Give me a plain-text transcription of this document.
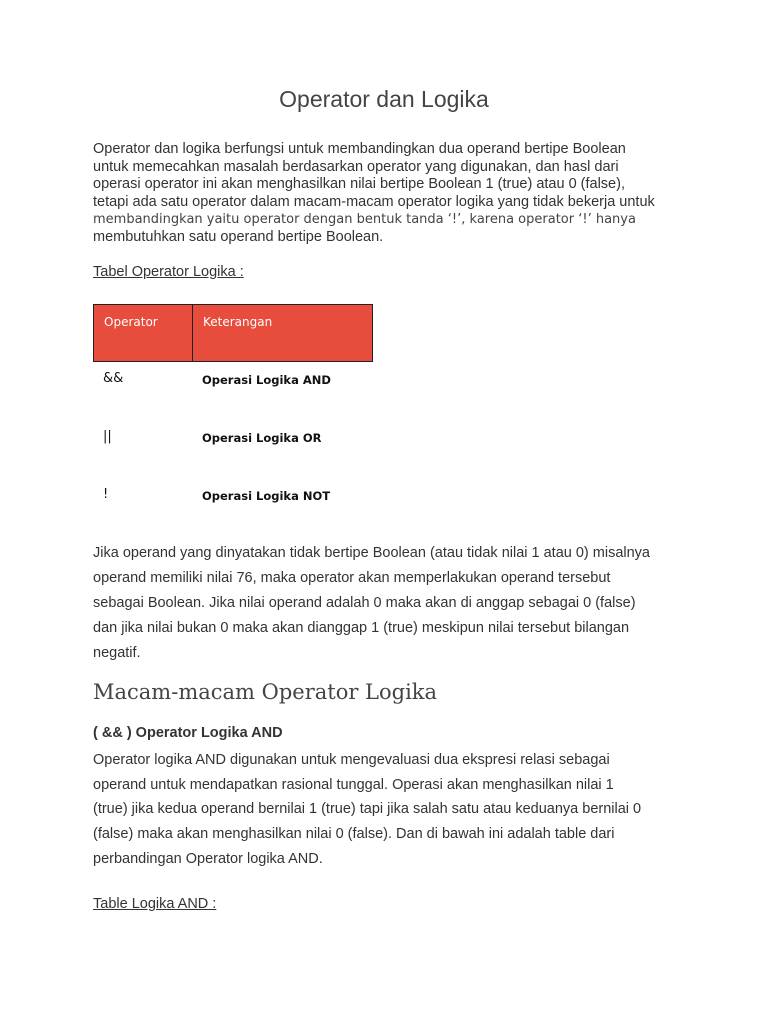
Operator dan Logika
Operator dan logika berfungsi untuk membandingkan dua operand bertipe Boolean
untuk memecahkan masalah berdasarkan operator yang digunakan, dan hasl dari
operasi operator ini akan menghasilkan nilai bertipe Boolean 1 (true) atau 0 (false),
tetapi ada satu operator dalam macam-macam operator logika yang tidak bekerja untuk
membandingkan yaitu operator dengan bentuk tanda ‘!’, karena operator ‘!’ hanya
membutuhkan satu operand bertipe Boolean.
Tabel Operator Logika :
Operator	Keterangan
&&	Operasi Logika AND
||	Operasi Logika OR
!	Operasi Logika NOT
Jika operand yang dinyatakan tidak bertipe Boolean (atau tidak nilai 1 atau 0) misalnya
operand memiliki nilai 76, maka operator akan memperlakukan operand tersebut
sebagai Boolean. Jika nilai operand adalah 0 maka akan di anggap sebagai 0 (false)
dan jika nilai bukan 0 maka akan dianggap 1 (true) meskipun nilai tersebut bilangan
negatif.
Macam-macam Operator Logika
( && ) Operator Logika AND
Operator logika AND digunakan untuk mengevaluasi dua ekspresi relasi sebagai
operand untuk mendapatkan rasional tunggal. Operasi akan menghasilkan nilai 1
(true) jika kedua operand bernilai 1 (true) tapi jika salah satu atau keduanya bernilai 0
(false) maka akan menghasilkan nilai 0 (false). Dan di bawah ini adalah table dari
perbandingan Operator logika AND.
Table Logika AND :
